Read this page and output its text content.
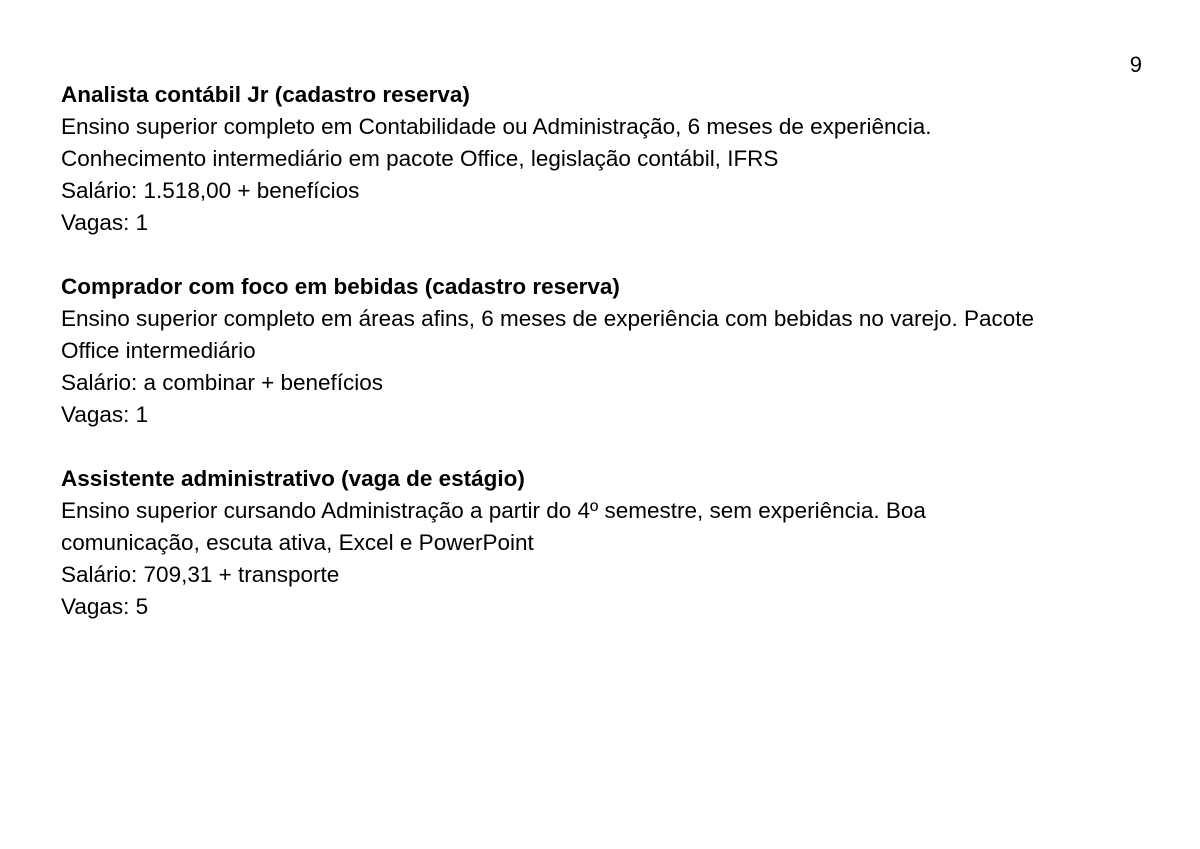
9
Analista contábil Jr (cadastro reserva)
Ensino superior completo em Contabilidade ou Administração, 6 meses de experiência.
Conhecimento intermediário em pacote Office, legislação contábil, IFRS
Salário: 1.518,00 + benefícios
Vagas: 1
Comprador com foco em bebidas (cadastro reserva)
Ensino superior completo em áreas afins, 6 meses de experiência com bebidas no varejo. Pacote
Office intermediário
Salário: a combinar + benefícios
Vagas: 1
Assistente administrativo (vaga de estágio)
Ensino superior cursando Administração a partir do 4º semestre, sem experiência. Boa
comunicação, escuta ativa, Excel e PowerPoint
Salário: 709,31 + transporte
Vagas: 5
